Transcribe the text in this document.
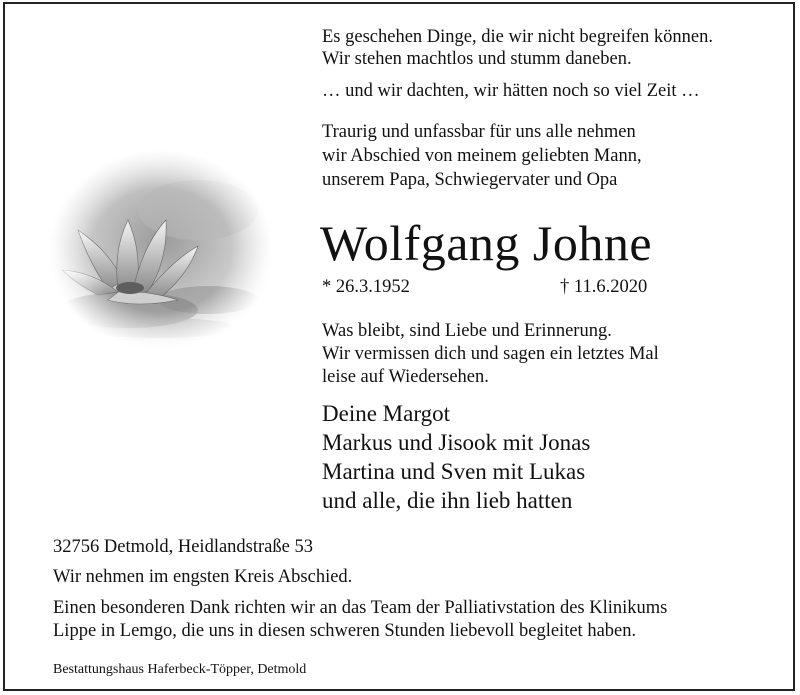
Es geschehen Dinge, die wir nicht begreifen können.
Wir stehen machtlos und stumm daneben.
… und wir dachten, wir hätten noch so viel Zeit …
Traurig und unfassbar für uns alle nehmen
wir Abschied von meinem geliebten Mann,
unserem Papa, Schwiegervater und Opa
Wolfgang Johne
* 26.3.1952	† 11.6.2020
Was bleibt, sind Liebe und Erinnerung.
Wir vermissen dich und sagen ein letztes Mal
leise auf Wiedersehen.
Deine Margot
Markus und Jisook mit Jonas
Martina und Sven mit Lukas
und alle, die ihn lieb hatten
32756 Detmold, Heidlandstraße 53
Wir nehmen im engsten Kreis Abschied.
Einen besonderen Dank richten wir an das Team der Palliativstation des Klinikums
Lippe in Lemgo, die uns in diesen schweren Stunden liebevoll begleitet haben.
Bestattungshaus Haferbeck-Töpper, Detmold
